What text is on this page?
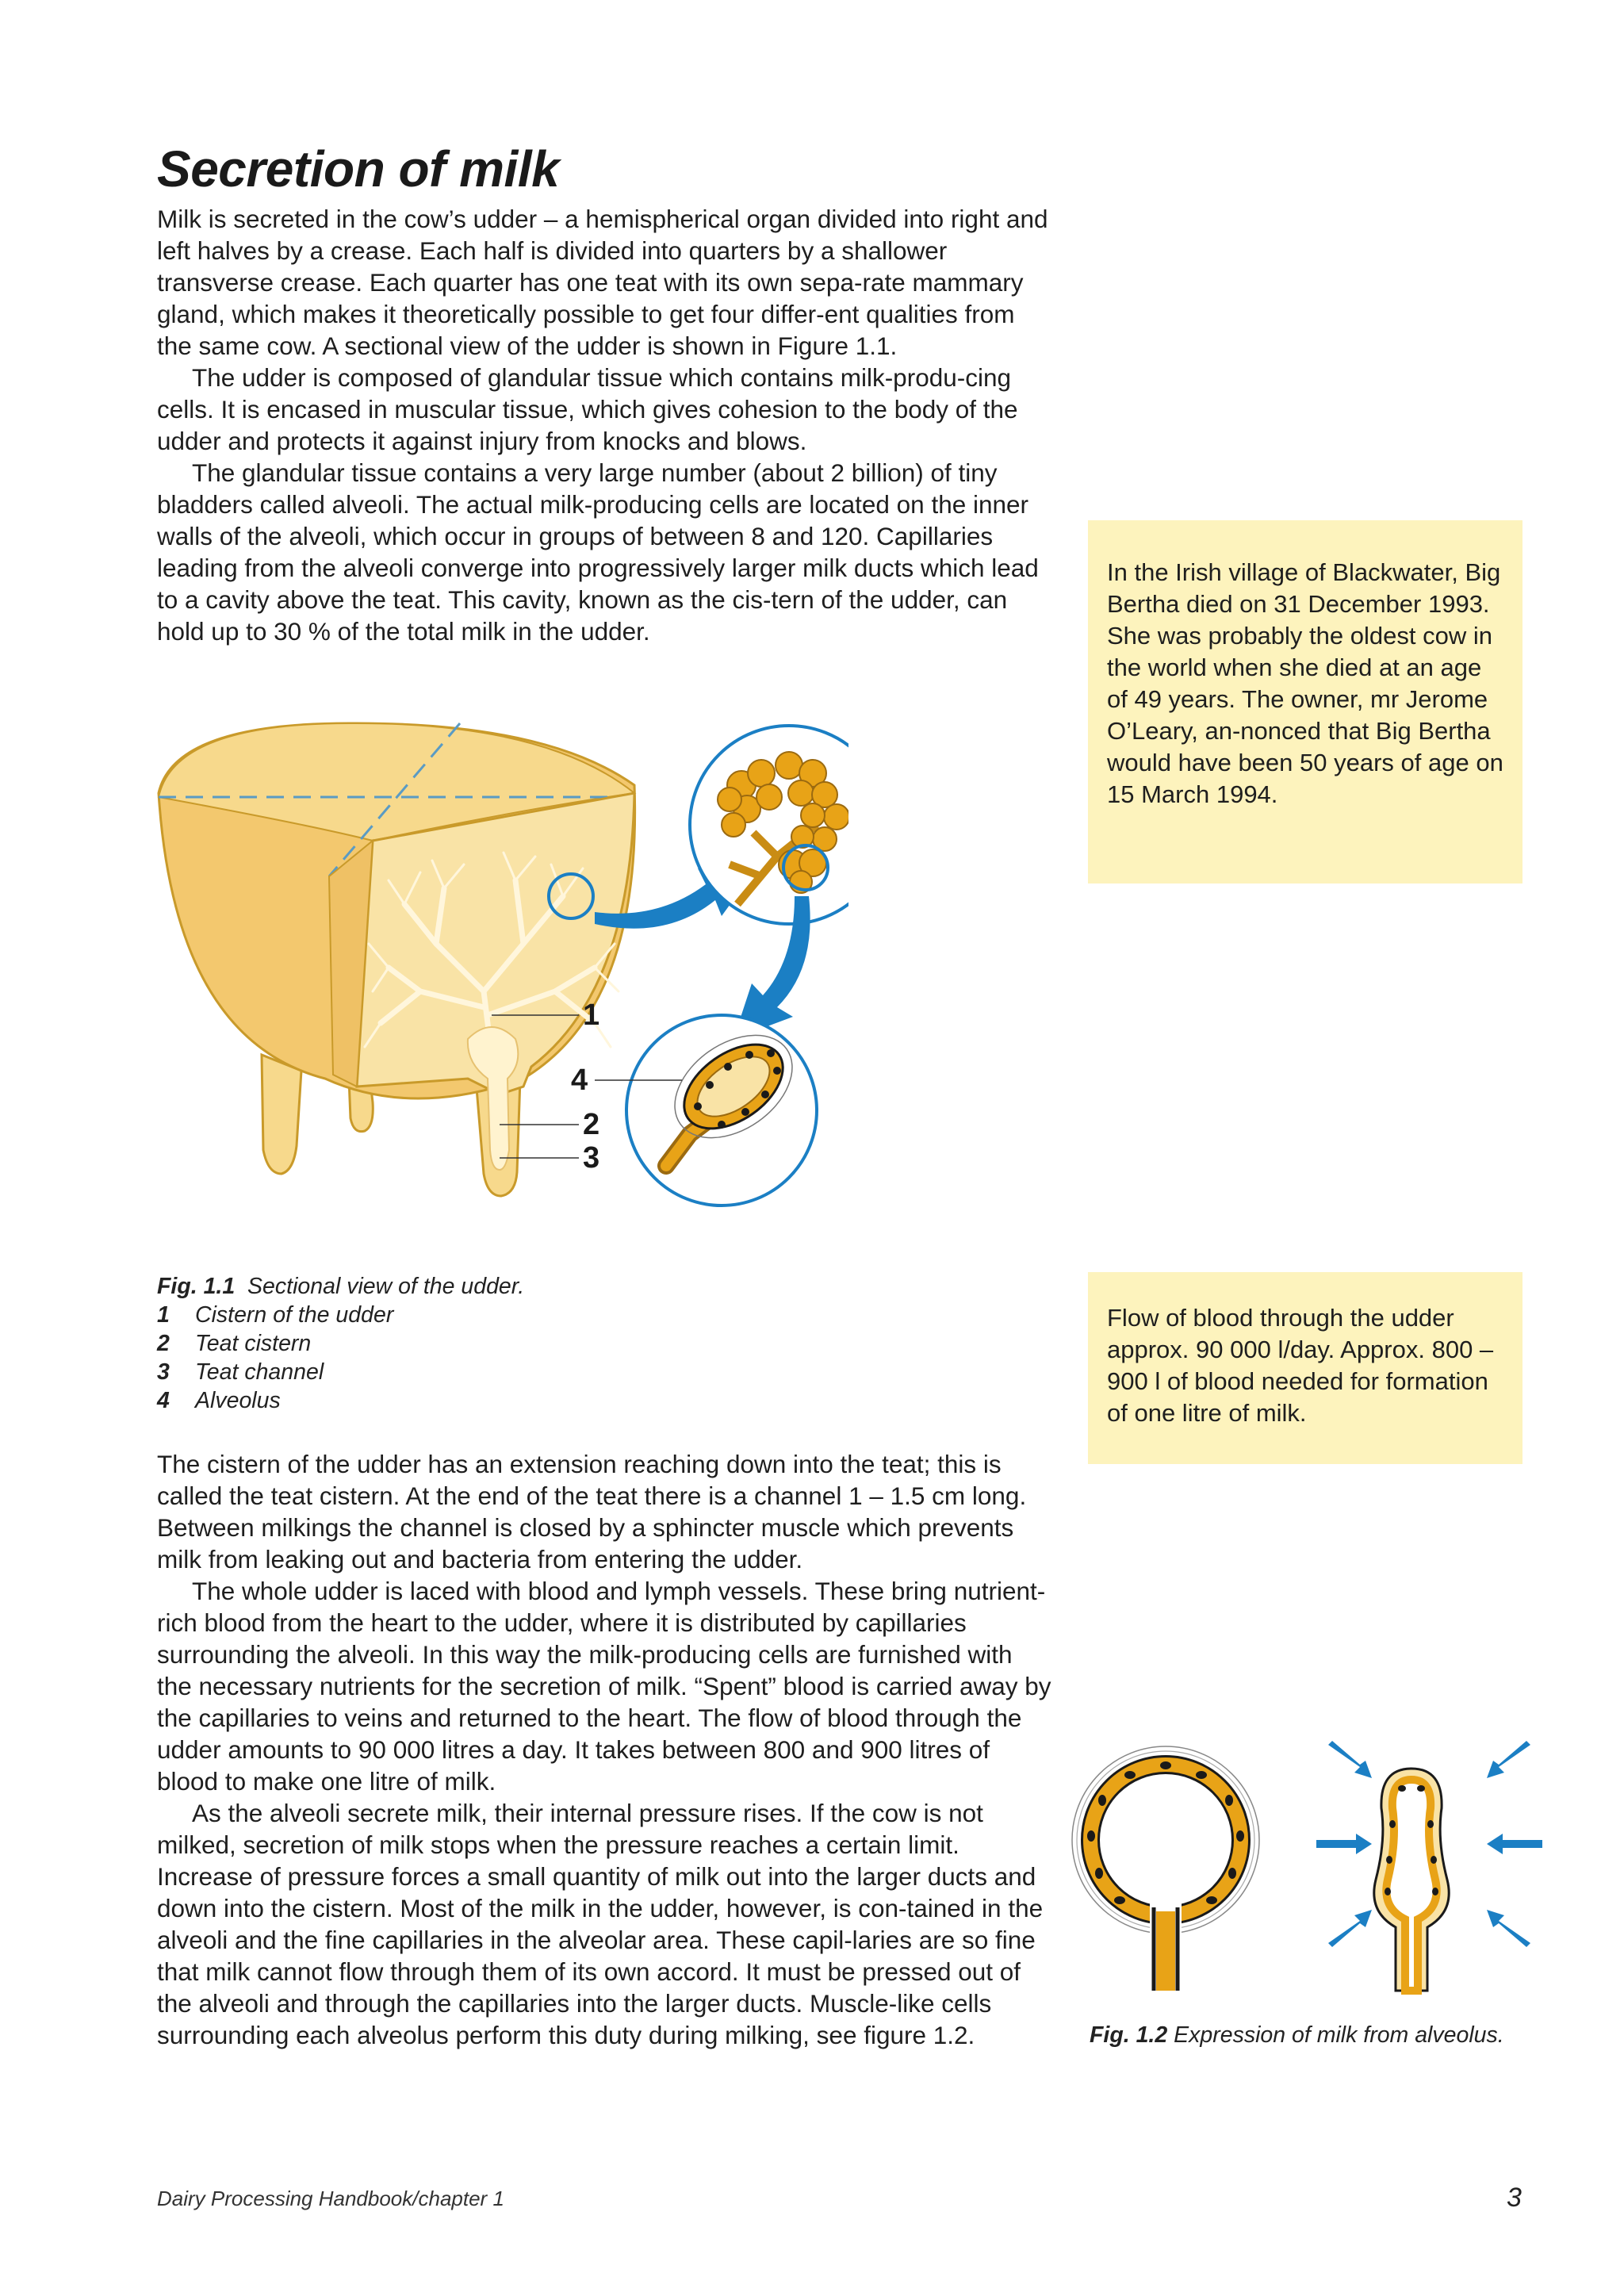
Secretion of milk

Milk is secreted in the cow’s udder – a hemispherical organ divided into right and left halves by a crease. Each half is divided into quarters by a shallower transverse crease. Each quarter has one teat with its own sepa-rate mammary gland, which makes it theoretically possible to get four differ-ent qualities from the same cow. A sectional view of the udder is shown in Figure 1.1.

The udder is composed of glandular tissue which contains milk-produ-cing cells. It is encased in muscular tissue, which gives cohesion to the body of the udder and protects it against injury from knocks and blows.

The glandular tissue contains a very large number (about 2 billion) of tiny bladders called alveoli. The actual milk-producing cells are located on the inner walls of the alveoli, which occur in groups of between 8 and 120. Capillaries leading from the alveoli converge into progressively larger milk ducts which lead to a cavity above the teat. This cavity, known as the cis-tern of the udder, can hold up to 30 % of the total milk in the udder.

In the Irish village of Blackwater, Big Bertha died on 31 December 1993. She was probably the oldest cow in the world when she died at an age of 49 years. The owner, mr Jerome O’Leary, an-nonced that Big Bertha would have been 50 years of age on 15 March 1994.
1
4
2
3
Fig. 1.1 Sectional view of the udder.
1	Cistern of the udder
2	Teat cistern
3	Teat channel
4	Alveolus
Flow of blood through the udder approx. 90 000 l/day. Approx. 800 – 900 l of blood needed for formation of one litre of milk.

The cistern of the udder has an extension reaching down into the teat; this is called the teat cistern. At the end of the teat there is a channel 1 – 1.5 cm long. Between milkings the channel is closed by a sphincter muscle which prevents milk from leaking out and bacteria from entering the udder.

The whole udder is laced with blood and lymph vessels. These bring nutrient-rich blood from the heart to the udder, where it is distributed by capillaries surrounding the alveoli. In this way the milk-producing cells are furnished with the necessary nutrients for the secretion of milk. “Spent” blood is carried away by the capillaries to veins and returned to the heart. The flow of blood through the udder amounts to 90 000 litres a day. It takes between 800 and 900 litres of blood to make one litre of milk.

As the alveoli secrete milk, their internal pressure rises. If the cow is not milked, secretion of milk stops when the pressure reaches a certain limit. Increase of pressure forces a small quantity of milk out into the larger ducts and down into the cistern. Most of the milk in the udder, however, is con-tained in the alveoli and the fine capillaries in the alveolar area. These capil-laries are so fine that milk cannot flow through them of its own accord. It must be pressed out of the alveoli and through the capillaries into the larger ducts. Muscle-like cells surrounding each alveolus perform this duty during milking, see figure 1.2.	Fig. 1.2 Expression of milk from alveolus.
Dairy Processing Handbook/chapter 1	3
